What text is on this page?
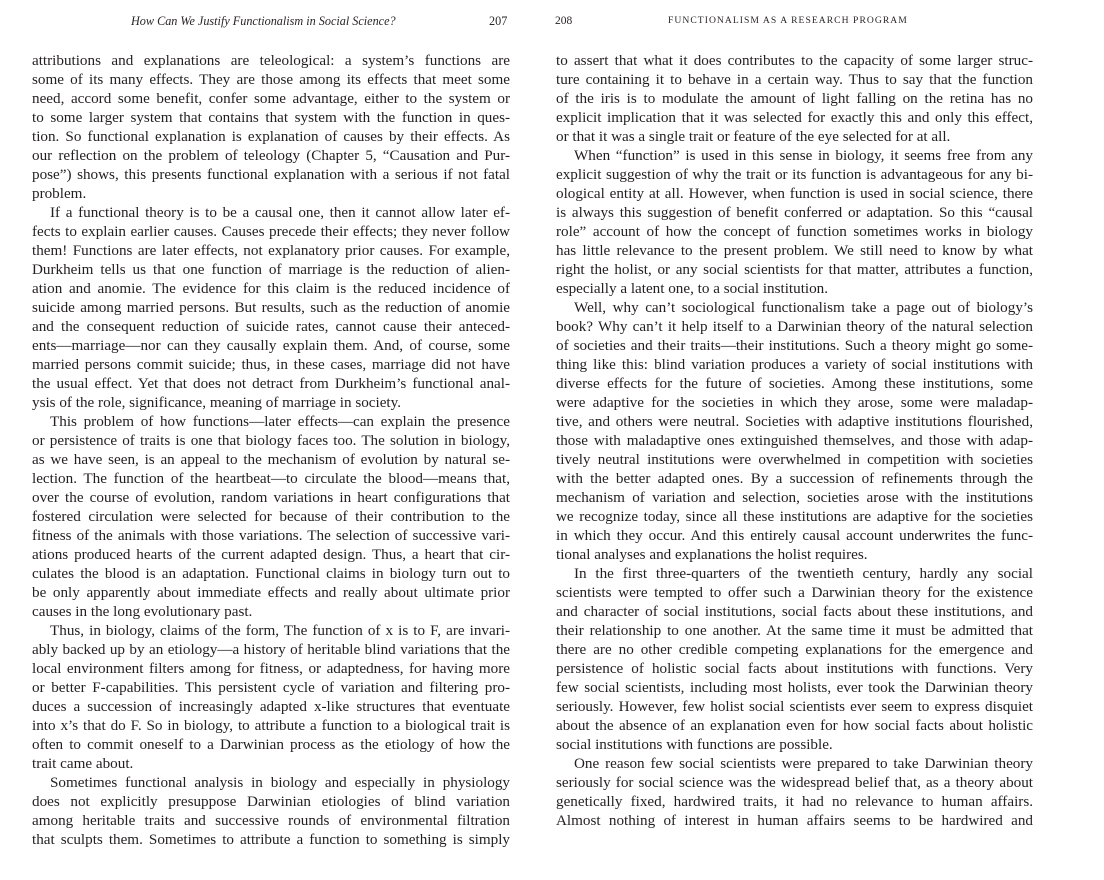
How Can We Justify Functionalism in Social Science?	207
attributions and explanations are teleological: a system’s functions are
some of its many effects. They are those among its effects that meet some
need, accord some benefit, confer some advantage, either to the system or
to some larger system that contains that system with the function in ques-
tion. So functional explanation is explanation of causes by their effects. As
our reflection on the problem of teleology (Chapter 5, “Causation and Pur-
pose”) shows, this presents functional explanation with a serious if not fatal
problem.
If a functional theory is to be a causal one, then it cannot allow later ef-
fects to explain earlier causes. Causes precede their effects; they never follow
them! Functions are later effects, not explanatory prior causes. For example,
Durkheim tells us that one function of marriage is the reduction of alien-
ation and anomie. The evidence for this claim is the reduced incidence of
suicide among married persons. But results, such as the reduction of anomie
and the consequent reduction of suicide rates, cannot cause their anteced-
ents—marriage—nor can they causally explain them. And, of course, some
married persons commit suicide; thus, in these cases, marriage did not have
the usual effect. Yet that does not detract from Durkheim’s functional anal-
ysis of the role, significance, meaning of marriage in society.
This problem of how functions—later effects—can explain the presence
or persistence of traits is one that biology faces too. The solution in biology,
as we have seen, is an appeal to the mechanism of evolution by natural se-
lection. The function of the heartbeat—to circulate the blood—means that,
over the course of evolution, random variations in heart configurations that
fostered circulation were selected for because of their contribution to the
fitness of the animals with those variations. The selection of successive vari-
ations produced hearts of the current adapted design. Thus, a heart that cir-
culates the blood is an adaptation. Functional claims in biology turn out to
be only apparently about immediate effects and really about ultimate prior
causes in the long evolutionary past.
Thus, in biology, claims of the form, The function of x is to F, are invari-
ably backed up by an etiology—a history of heritable blind variations that the
local environment filters among for fitness, or adaptedness, for having more
or better F-capabilities. This persistent cycle of variation and filtering pro-
duces a succession of increasingly adapted x-like structures that eventuate
into x’s that do F. So in biology, to attribute a function to a biological trait is
often to commit oneself to a Darwinian process as the etiology of how the
trait came about.
Sometimes functional analysis in biology and especially in physiology
does not explicitly presuppose Darwinian etiologies of blind variation
among heritable traits and successive rounds of environmental filtration
that sculpts them. Sometimes to attribute a function to something is simply
208	FUNCTIONALISM AS A RESEARCH PROGRAM
to assert that what it does contributes to the capacity of some larger struc-
ture containing it to behave in a certain way. Thus to say that the function
of the iris is to modulate the amount of light falling on the retina has no
explicit implication that it was selected for exactly this and only this effect,
or that it was a single trait or feature of the eye selected for at all.
When “function” is used in this sense in biology, it seems free from any
explicit suggestion of why the trait or its function is advantageous for any bi-
ological entity at all. However, when function is used in social science, there
is always this suggestion of benefit conferred or adaptation. So this “causal
role” account of how the concept of function sometimes works in biology
has little relevance to the present problem. We still need to know by what
right the holist, or any social scientists for that matter, attributes a function,
especially a latent one, to a social institution.
Well, why can’t sociological functionalism take a page out of biology’s
book? Why can’t it help itself to a Darwinian theory of the natural selection
of societies and their traits—their institutions. Such a theory might go some-
thing like this: blind variation produces a variety of social institutions with
diverse effects for the future of societies. Among these institutions, some
were adaptive for the societies in which they arose, some were maladap-
tive, and others were neutral. Societies with adaptive institutions flourished,
those with maladaptive ones extinguished themselves, and those with adap-
tively neutral institutions were overwhelmed in competition with societies
with the better adapted ones. By a succession of refinements through the
mechanism of variation and selection, societies arose with the institutions
we recognize today, since all these institutions are adaptive for the societies
in which they occur. And this entirely causal account underwrites the func-
tional analyses and explanations the holist requires.
In the first three-quarters of the twentieth century, hardly any social
scientists were tempted to offer such a Darwinian theory for the existence
and character of social institutions, social facts about these institutions, and
their relationship to one another. At the same time it must be admitted that
there are no other credible competing explanations for the emergence and
persistence of holistic social facts about institutions with functions. Very
few social scientists, including most holists, ever took the Darwinian theory
seriously. However, few holist social scientists ever seem to express disquiet
about the absence of an explanation even for how social facts about holistic
social institutions with functions are possible.
One reason few social scientists were prepared to take Darwinian theory
seriously for social science was the widespread belief that, as a theory about
genetically fixed, hardwired traits, it had no relevance to human affairs.
Almost nothing of interest in human affairs seems to be hardwired and
